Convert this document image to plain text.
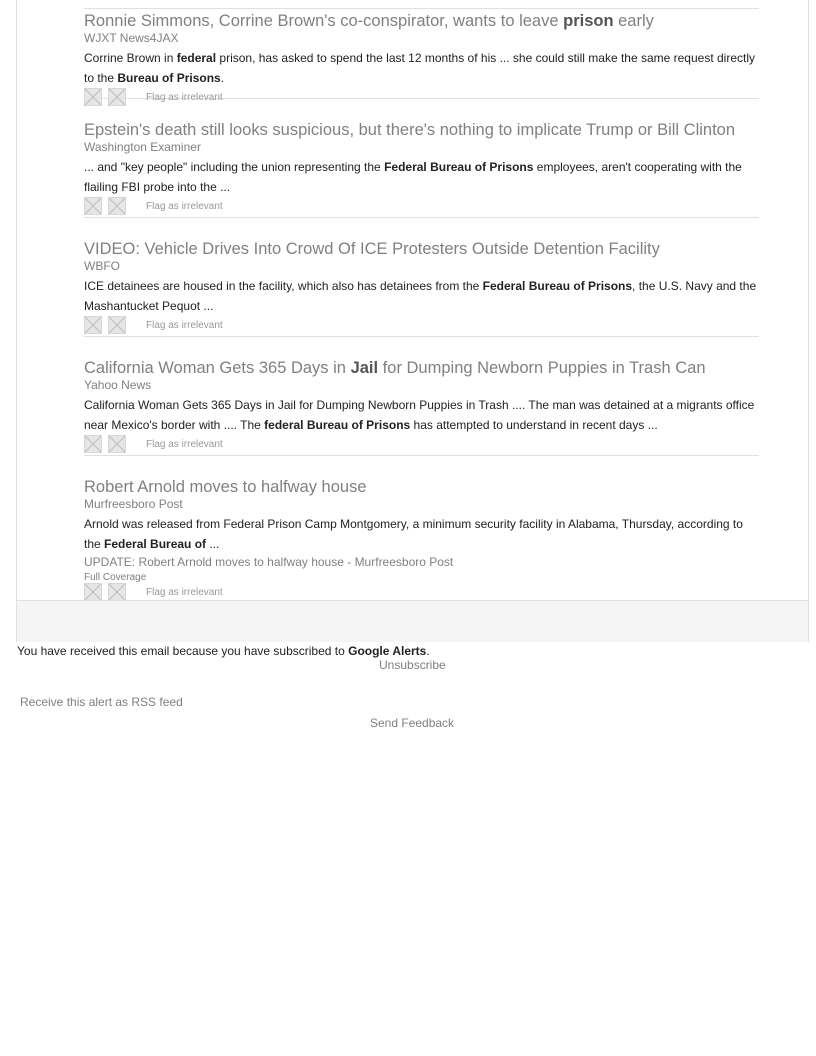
Ronnie Simmons, Corrine Brown's co-conspirator, wants to leave prison early
WJXT News4JAX
Corrine Brown in federal prison, has asked to spend the last 12 months of his ... she could still make the same request directly to the Bureau of Prisons.
Flag as irrelevant
Epstein's death still looks suspicious, but there's nothing to implicate Trump or Bill Clinton
Washington Examiner
... and "key people" including the union representing the Federal Bureau of Prisons employees, aren't cooperating with the flailing FBI probe into the ...
Flag as irrelevant
VIDEO: Vehicle Drives Into Crowd Of ICE Protesters Outside Detention Facility
WBFO
ICE detainees are housed in the facility, which also has detainees from the Federal Bureau of Prisons, the U.S. Navy and the Mashantucket Pequot ...
Flag as irrelevant
California Woman Gets 365 Days in Jail for Dumping Newborn Puppies in Trash Can
Yahoo News
California Woman Gets 365 Days in Jail for Dumping Newborn Puppies in Trash .... The man was detained at a migrants office near Mexico's border with .... The federal Bureau of Prisons has attempted to understand in recent days ...
Flag as irrelevant
Robert Arnold moves to halfway house
Murfreesboro Post
Arnold was released from Federal Prison Camp Montgomery, a minimum security facility in Alabama, Thursday, according to the Federal Bureau of ...
UPDATE: Robert Arnold moves to halfway house - Murfreesboro Post
Full Coverage
Flag as irrelevant
You have received this email because you have subscribed to Google Alerts.
Unsubscribe
Receive this alert as RSS feed
Send Feedback
